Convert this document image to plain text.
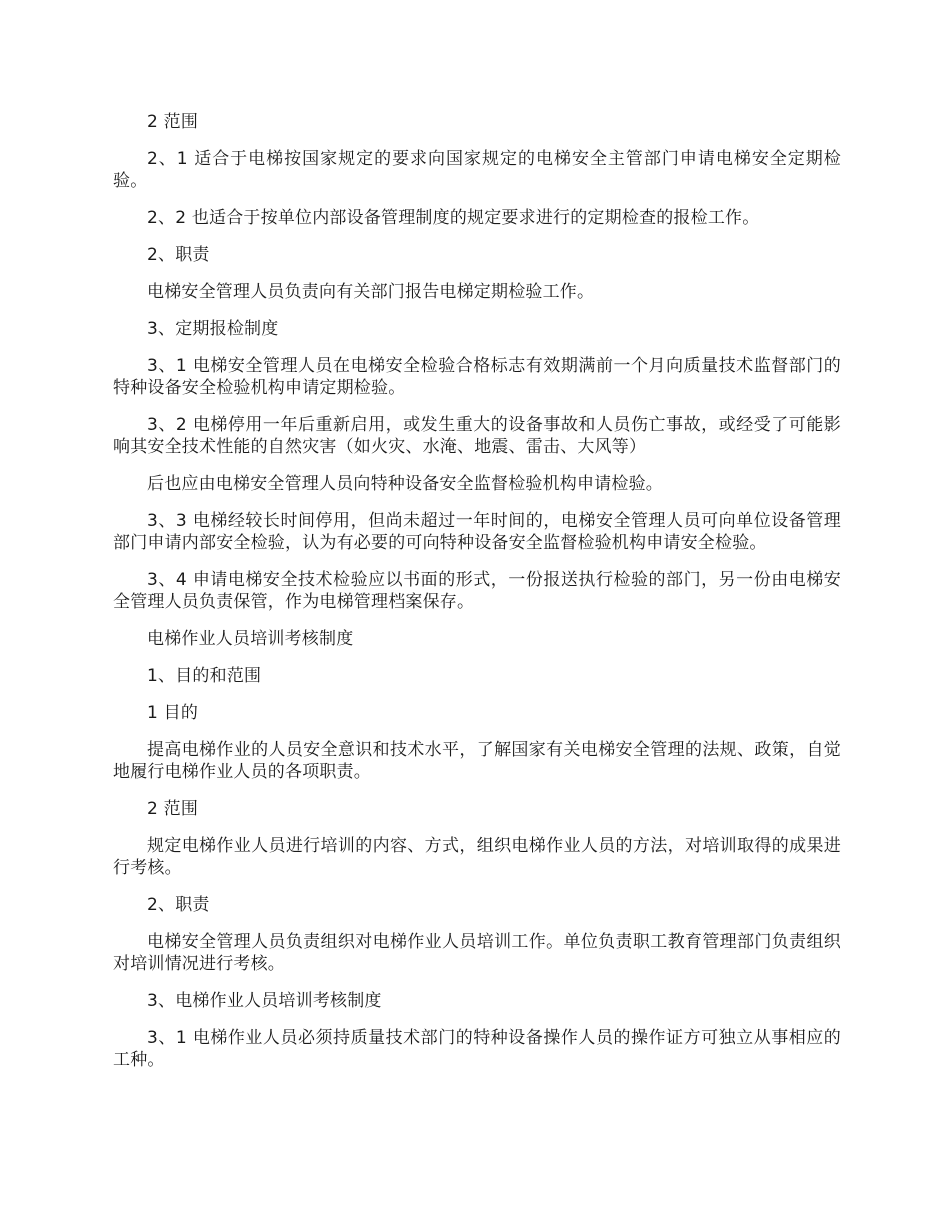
2 范围

2、1 适合于电梯按国家规定的要求向国家规定的电梯安全主管部门申请电梯安全定期检验。

2、2 也适合于按单位内部设备管理制度的规定要求进行的定期检查的报检工作。

2、职责

电梯安全管理人员负责向有关部门报告电梯定期检验工作。

3、定期报检制度

3、1 电梯安全管理人员在电梯安全检验合格标志有效期满前一个月向质量技术监督部门的特种设备安全检验机构申请定期检验。

3、2 电梯停用一年后重新启用，或发生重大的设备事故和人员伤亡事故，或经受了可能影响其安全技术性能的自然灾害（如火灾、水淹、地震、雷击、大风等）

后也应由电梯安全管理人员向特种设备安全监督检验机构申请检验。

3、3 电梯经较长时间停用，但尚未超过一年时间的，电梯安全管理人员可向单位设备管理部门申请内部安全检验，认为有必要的可向特种设备安全监督检验机构申请安全检验。

3、4 申请电梯安全技术检验应以书面的形式，一份报送执行检验的部门，另一份由电梯安全管理人员负责保管，作为电梯管理档案保存。

电梯作业人员培训考核制度

1、目的和范围

1 目的

提高电梯作业的人员安全意识和技术水平，了解国家有关电梯安全管理的法规、政策，自觉地履行电梯作业人员的各项职责。

2 范围

规定电梯作业人员进行培训的内容、方式，组织电梯作业人员的方法，对培训取得的成果进行考核。

2、职责

电梯安全管理人员负责组织对电梯作业人员培训工作。单位负责职工教育管理部门负责组织对培训情况进行考核。

3、电梯作业人员培训考核制度

3、1 电梯作业人员必须持质量技术部门的特种设备操作人员的操作证方可独立从事相应的工种。
